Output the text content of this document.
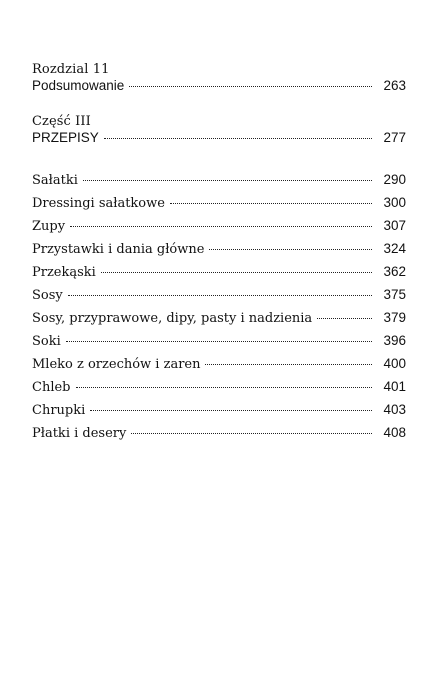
Rozdzial 11
Podsumowanie	263
Część III
PRZEPISY	277
Sałatki	290
Dressingi sałatkowe	300
Zupy	307
Przystawki i dania główne	324
Przekąski	362
Sosy	375
Sosy, przyprawowe, dipy, pasty i nadzienia	379
Soki	396
Mleko z orzechów i zaren	400
Chleb	401
Chrupki	403
Płatki i desery	408
